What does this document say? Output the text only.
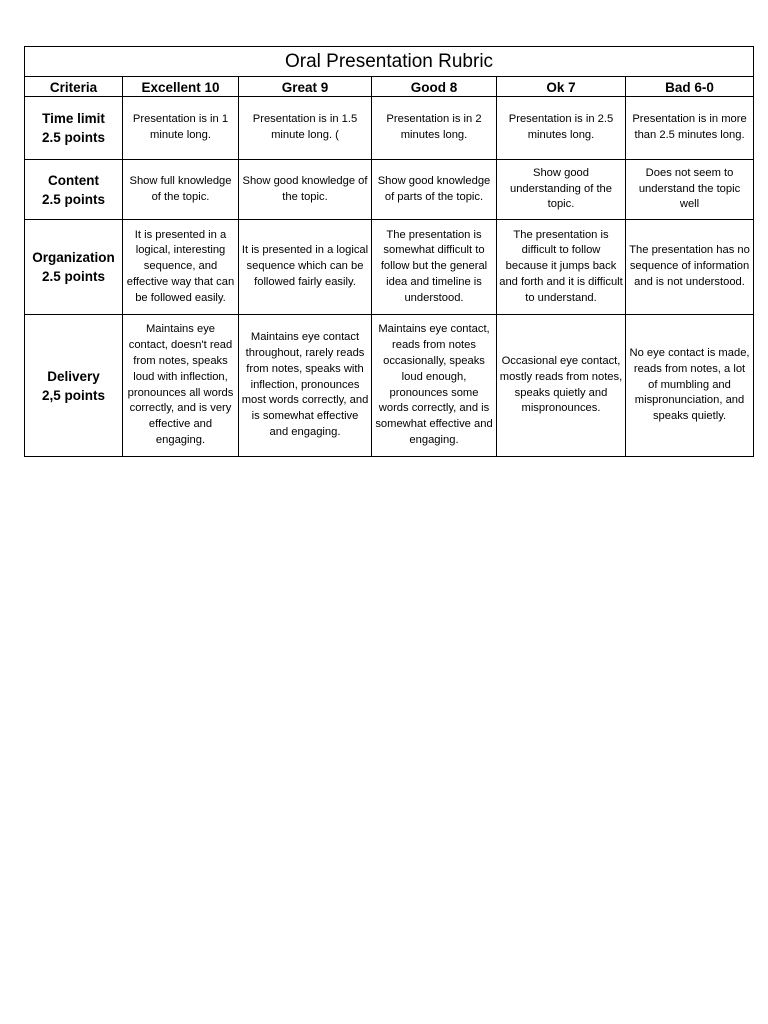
Oral Presentation Rubric					
Criteria	Excellent 10	Great 9	Good 8	Ok 7	Bad 6-0

Time limit
2.5 points	Presentation is in 1 minute long.	Presentation is in 1.5 minute long. (	Presentation is in 2 minutes long.	Presentation is in 2.5 minutes long.	Presentation is in more than 2.5 minutes long.

Content
2.5 points	Show full knowledge of the topic.	Show good knowledge of the topic.	Show good knowledge of parts of the topic.	Show good understanding of the topic.	Does not seem to understand the topic well

Organization
2.5 points	It is presented in a logical, interesting sequence, and effective way that can be followed easily.	It is presented in a logical sequence which can be followed fairly easily.	The presentation is somewhat difficult to follow but the general idea and timeline is understood.	The presentation is difficult to follow because it jumps back and forth and it is difficult to understand.	The presentation has no sequence of information and is not understood.

Delivery
2,5 points	Maintains eye contact, doesn't read from notes, speaks loud with inflection, pronounces all words correctly, and is very effective and engaging.	Maintains eye contact throughout, rarely reads from notes, speaks with inflection, pronounces most words correctly, and is somewhat effective and engaging.	Maintains eye contact, reads from notes occasionally, speaks loud enough, pronounces some words correctly, and is somewhat effective and engaging.	Occasional eye contact, mostly reads from notes, speaks quietly and mispronounces.	No eye contact is made, reads from notes, a lot of mumbling and mispronunciation, and speaks quietly.
